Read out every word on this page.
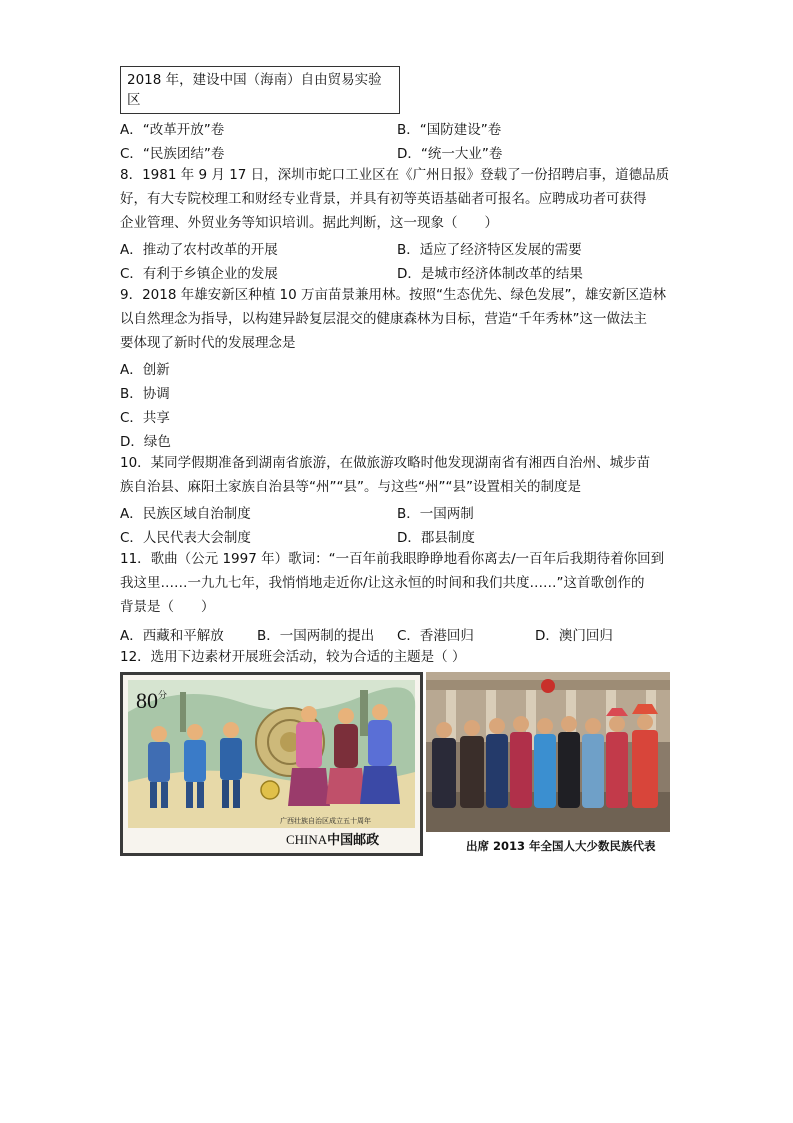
2018 年，建设中国（海南）自由贸易实验
区
A．“改革开放”卷	B．“国防建设”卷
C．“民族团结”卷	D．“统一大业”卷
8．1981 年 9 月 17 日，深圳市蛇口工业区在《广州日报》登载了一份招聘启事，道德品质
好，有大专院校理工和财经专业背景，并具有初等英语基础者可报名。应聘成功者可获得
企业管理、外贸业务等知识培训。据此判断，这一现象（　　）
A．推动了农村改革的开展	B．适应了经济特区发展的需要
C．有利于乡镇企业的发展	D．是城市经济体制改革的结果
9．2018 年雄安新区种植 10 万亩苗景兼用林。按照“生态优先、绿色发展”，雄安新区造林
以自然理念为指导，以构建异龄复层混交的健康森林为目标，营造“千年秀林”这一做法主
要体现了新时代的发展理念是
A．创新
B．协调
C．共享
D．绿色
10．某同学假期准备到湖南省旅游，在做旅游攻略时他发现湖南省有湘西自治州、城步苗
族自治县、麻阳土家族自治县等“州”“县”。与这些“州”“县”设置相关的制度是
A．民族区域自治制度	B．一国两制
C．人民代表大会制度	D．郡县制度
11．歌曲（公元 1997 年）歌词：“一百年前我眼睁睁地看你离去/一百年后我期待着你回到
我这里……一九九七年，我悄悄地走近你/让这永恒的时间和我们共度……”这首歌创作的
背景是（　　）
A．西藏和平解放 B．一国两制的提出 C．香港回归	D．澳门回归
12．选用下边素材开展班会活动，较为合适的主题是（ ）
$80^分$
广西壮族自治区成立五十周年
CHINA中国邮政	出席 2013 年全国人大少数民族代表
